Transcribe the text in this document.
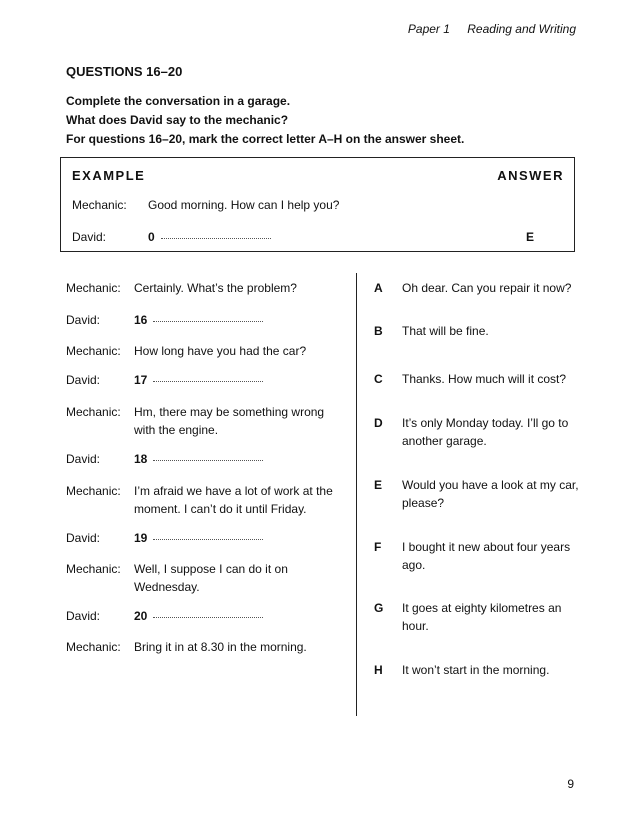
Paper 1 Reading and Writing
QUESTIONS 16–20
Complete the conversation in a garage.
What does David say to the mechanic?
For questions 16–20, mark the correct letter A–H on the answer sheet.
EXAMPLE	ANSWER
Mechanic: Good morning. How can I help you?
David:	0	E
Mechanic: Certainly. What’s the problem?
David:	16
Mechanic: How long have you had the car?
David:	17
Mechanic: Hm, there may be something wrong with the engine.
David:	18
Mechanic: I’m afraid we have a lot of work at the moment. I can’t do it until Friday.
David:	19
Mechanic: Well, I suppose I can do it on Wednesday.
David:	20
Mechanic: Bring it in at 8.30 in the morning.
A Oh dear. Can you repair it now?
B That will be fine.
C Thanks. How much will it cost?
D It’s only Monday today. I’ll go to another garage.
E Would you have a look at my car, please?
F I bought it new about four years ago.
G It goes at eighty kilometres an hour.
H It won’t start in the morning.
9
